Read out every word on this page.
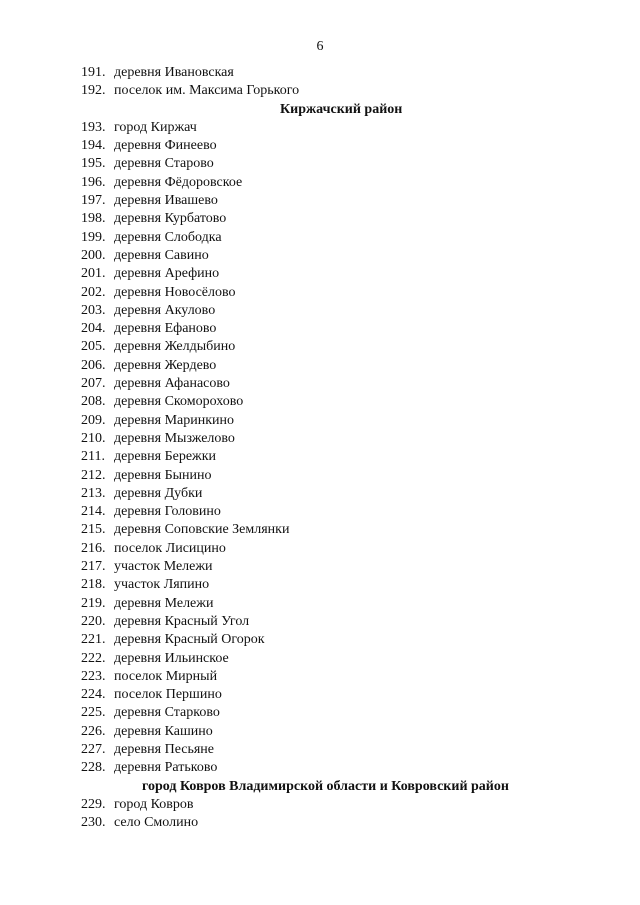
6
191. деревня Ивановская
192. поселок им. Максима Горького
Киржачский район
193. город Киржач
194. деревня Финеево
195. деревня Старово
196. деревня Фёдоровское
197. деревня Ивашево
198. деревня Курбатово
199. деревня Слободка
200. деревня Савино
201. деревня Арефино
202. деревня Новосёлово
203. деревня Акулово
204. деревня Ефаново
205. деревня Желдыбино
206. деревня Жердево
207. деревня Афанасово
208. деревня Скоморохово
209. деревня Маринкино
210. деревня Мызжелово
211. деревня Бережки
212. деревня Бынино
213. деревня Дубки
214. деревня Головино
215. деревня Соповские Землянки
216. поселок Лисицино
217. участок Мележи
218. участок Ляпино
219. деревня Мележи
220. деревня Красный Угол
221. деревня Красный Огорок
222. деревня Ильинское
223. поселок Мирный
224. поселок Першино
225. деревня Старково
226. деревня Кашино
227. деревня Песьяне
228. деревня Ратьково
город Ковров Владимирской области и Ковровский район
229. город Ковров
230. село Смолино
